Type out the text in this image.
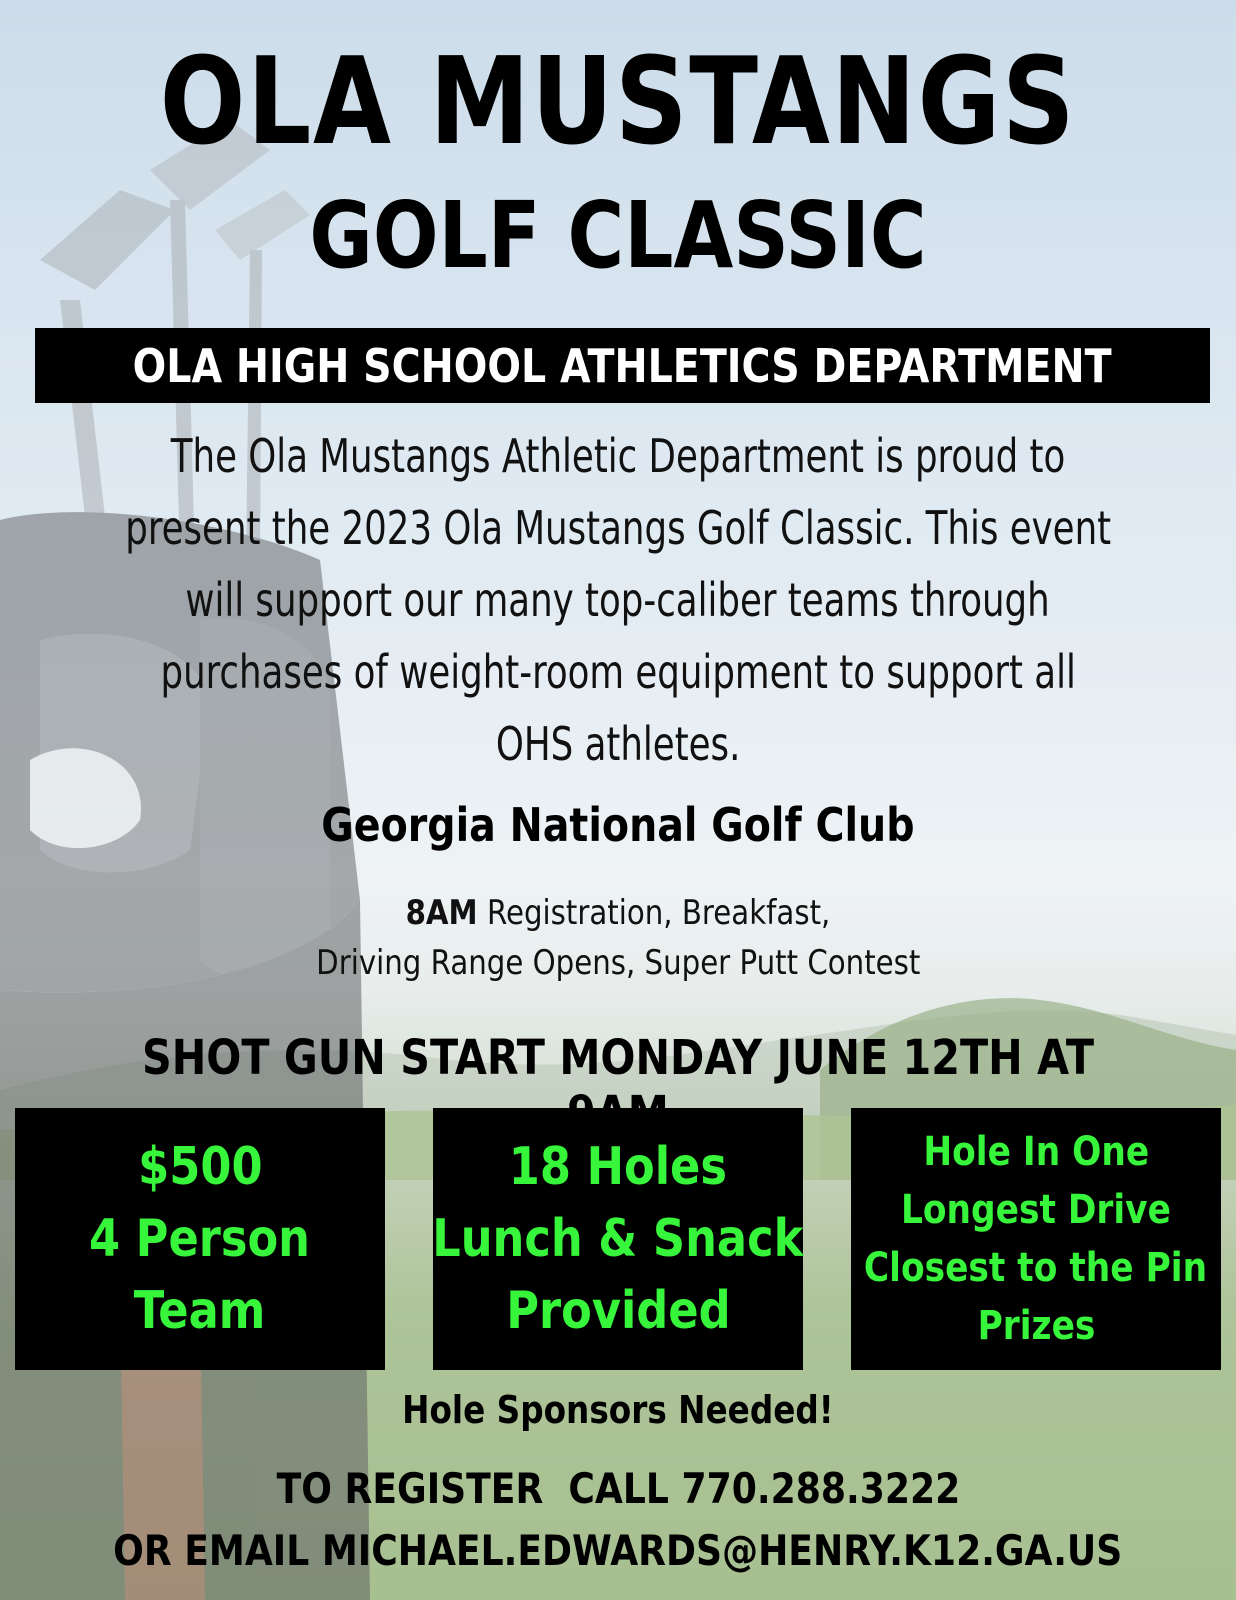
OLA MUSTANGS
GOLF CLASSIC
OLA HIGH SCHOOL ATHLETICS DEPARTMENT
The Ola Mustangs Athletic Department is proud to
present the 2023 Ola Mustangs Golf Classic. This event
will support our many top-caliber teams through
purchases of weight-room equipment to support all
OHS athletes.
Georgia National Golf Club
8AM Registration, Breakfast,
Driving Range Opens, Super Putt Contest
SHOT GUN START MONDAY JUNE 12TH AT
$500
4 Person
Team
18 Holes
Lunch & Snack
Provided
Hole In One
Longest Drive
Closest to the Pin
Prizes
Hole Sponsors Needed!
TO REGISTER  CALL 770.288.3222
OR EMAIL MICHAEL.EDWARDS@HENRY.K12.GA.US
